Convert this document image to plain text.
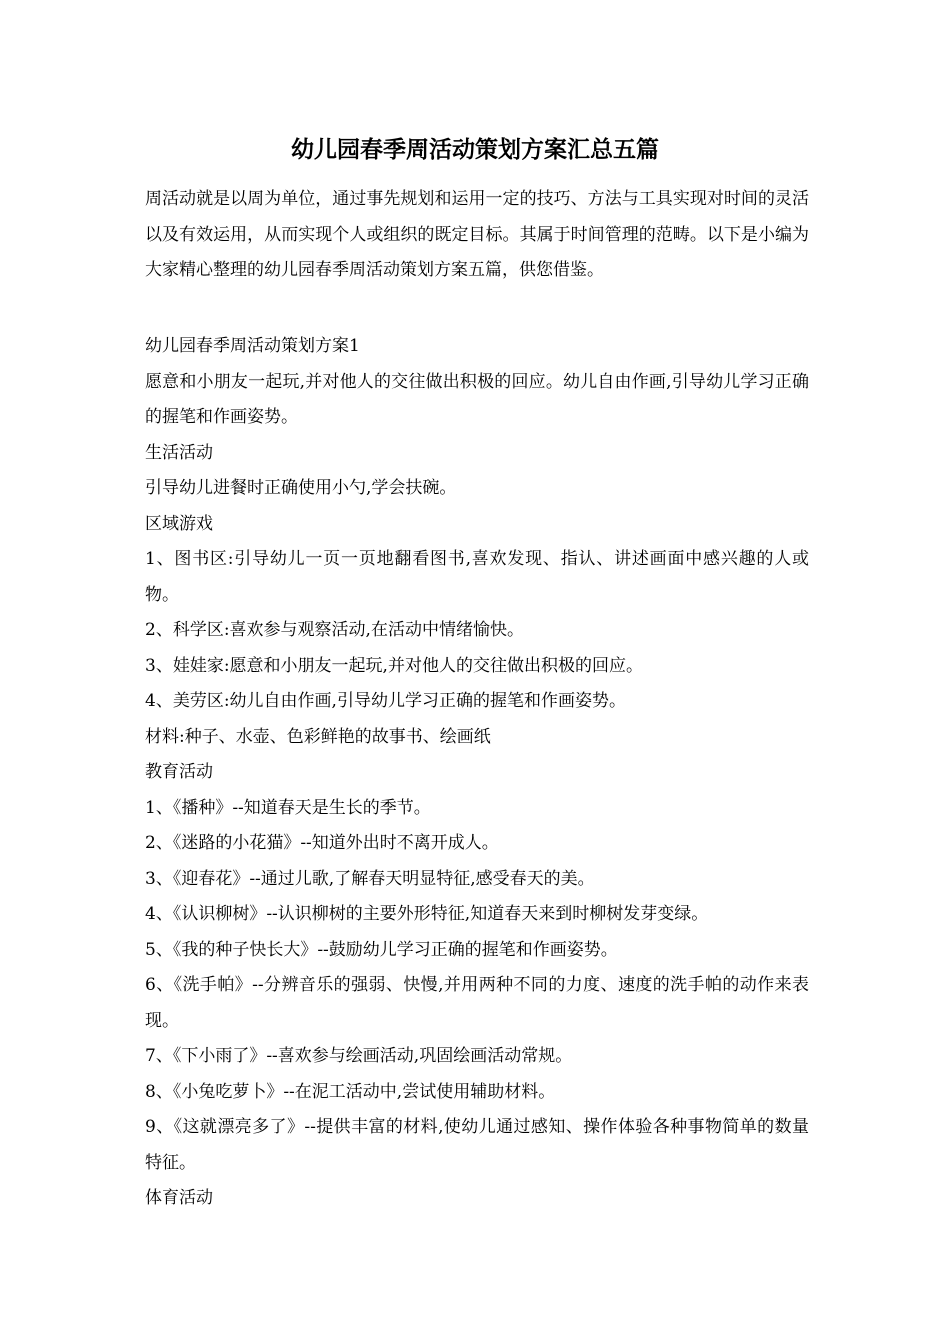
幼儿园春季周活动策划方案汇总五篇

周活动就是以周为单位，通过事先规划和运用一定的技巧、方法与工具实现对时间的灵活以及有效运用，从而实现个人或组织的既定目标。其属于时间管理的范畴。以下是小编为大家精心整理的幼儿园春季周活动策划方案五篇，供您借鉴。

幼儿园春季周活动策划方案1
愿意和小朋友一起玩,并对他人的交往做出积极的回应。幼儿自由作画,引导幼儿学习正确的握笔和作画姿势。
生活活动
引导幼儿进餐时正确使用小勺,学会扶碗。
区域游戏
1、图书区:引导幼儿一页一页地翻看图书,喜欢发现、指认、讲述画面中感兴趣的人或物。
2、科学区:喜欢参与观察活动,在活动中情绪愉快。
3、娃娃家:愿意和小朋友一起玩,并对他人的交往做出积极的回应。
4、美劳区:幼儿自由作画,引导幼儿学习正确的握笔和作画姿势。
材料:种子、水壶、色彩鲜艳的故事书、绘画纸
教育活动
1、《播种》--知道春天是生长的季节。
2、《迷路的小花猫》--知道外出时不离开成人。
3、《迎春花》--通过儿歌,了解春天明显特征,感受春天的美。
4、《认识柳树》--认识柳树的主要外形特征,知道春天来到时柳树发芽变绿。
5、《我的种子快长大》--鼓励幼儿学习正确的握笔和作画姿势。
6、《洗手帕》--分辨音乐的强弱、快慢,并用两种不同的力度、速度的洗手帕的动作来表现。
7、《下小雨了》--喜欢参与绘画活动,巩固绘画活动常规。
8、《小兔吃萝卜》--在泥工活动中,尝试使用辅助材料。
9、《这就漂亮多了》--提供丰富的材料,使幼儿通过感知、操作体验各种事物简单的数量特征。
体育活动
